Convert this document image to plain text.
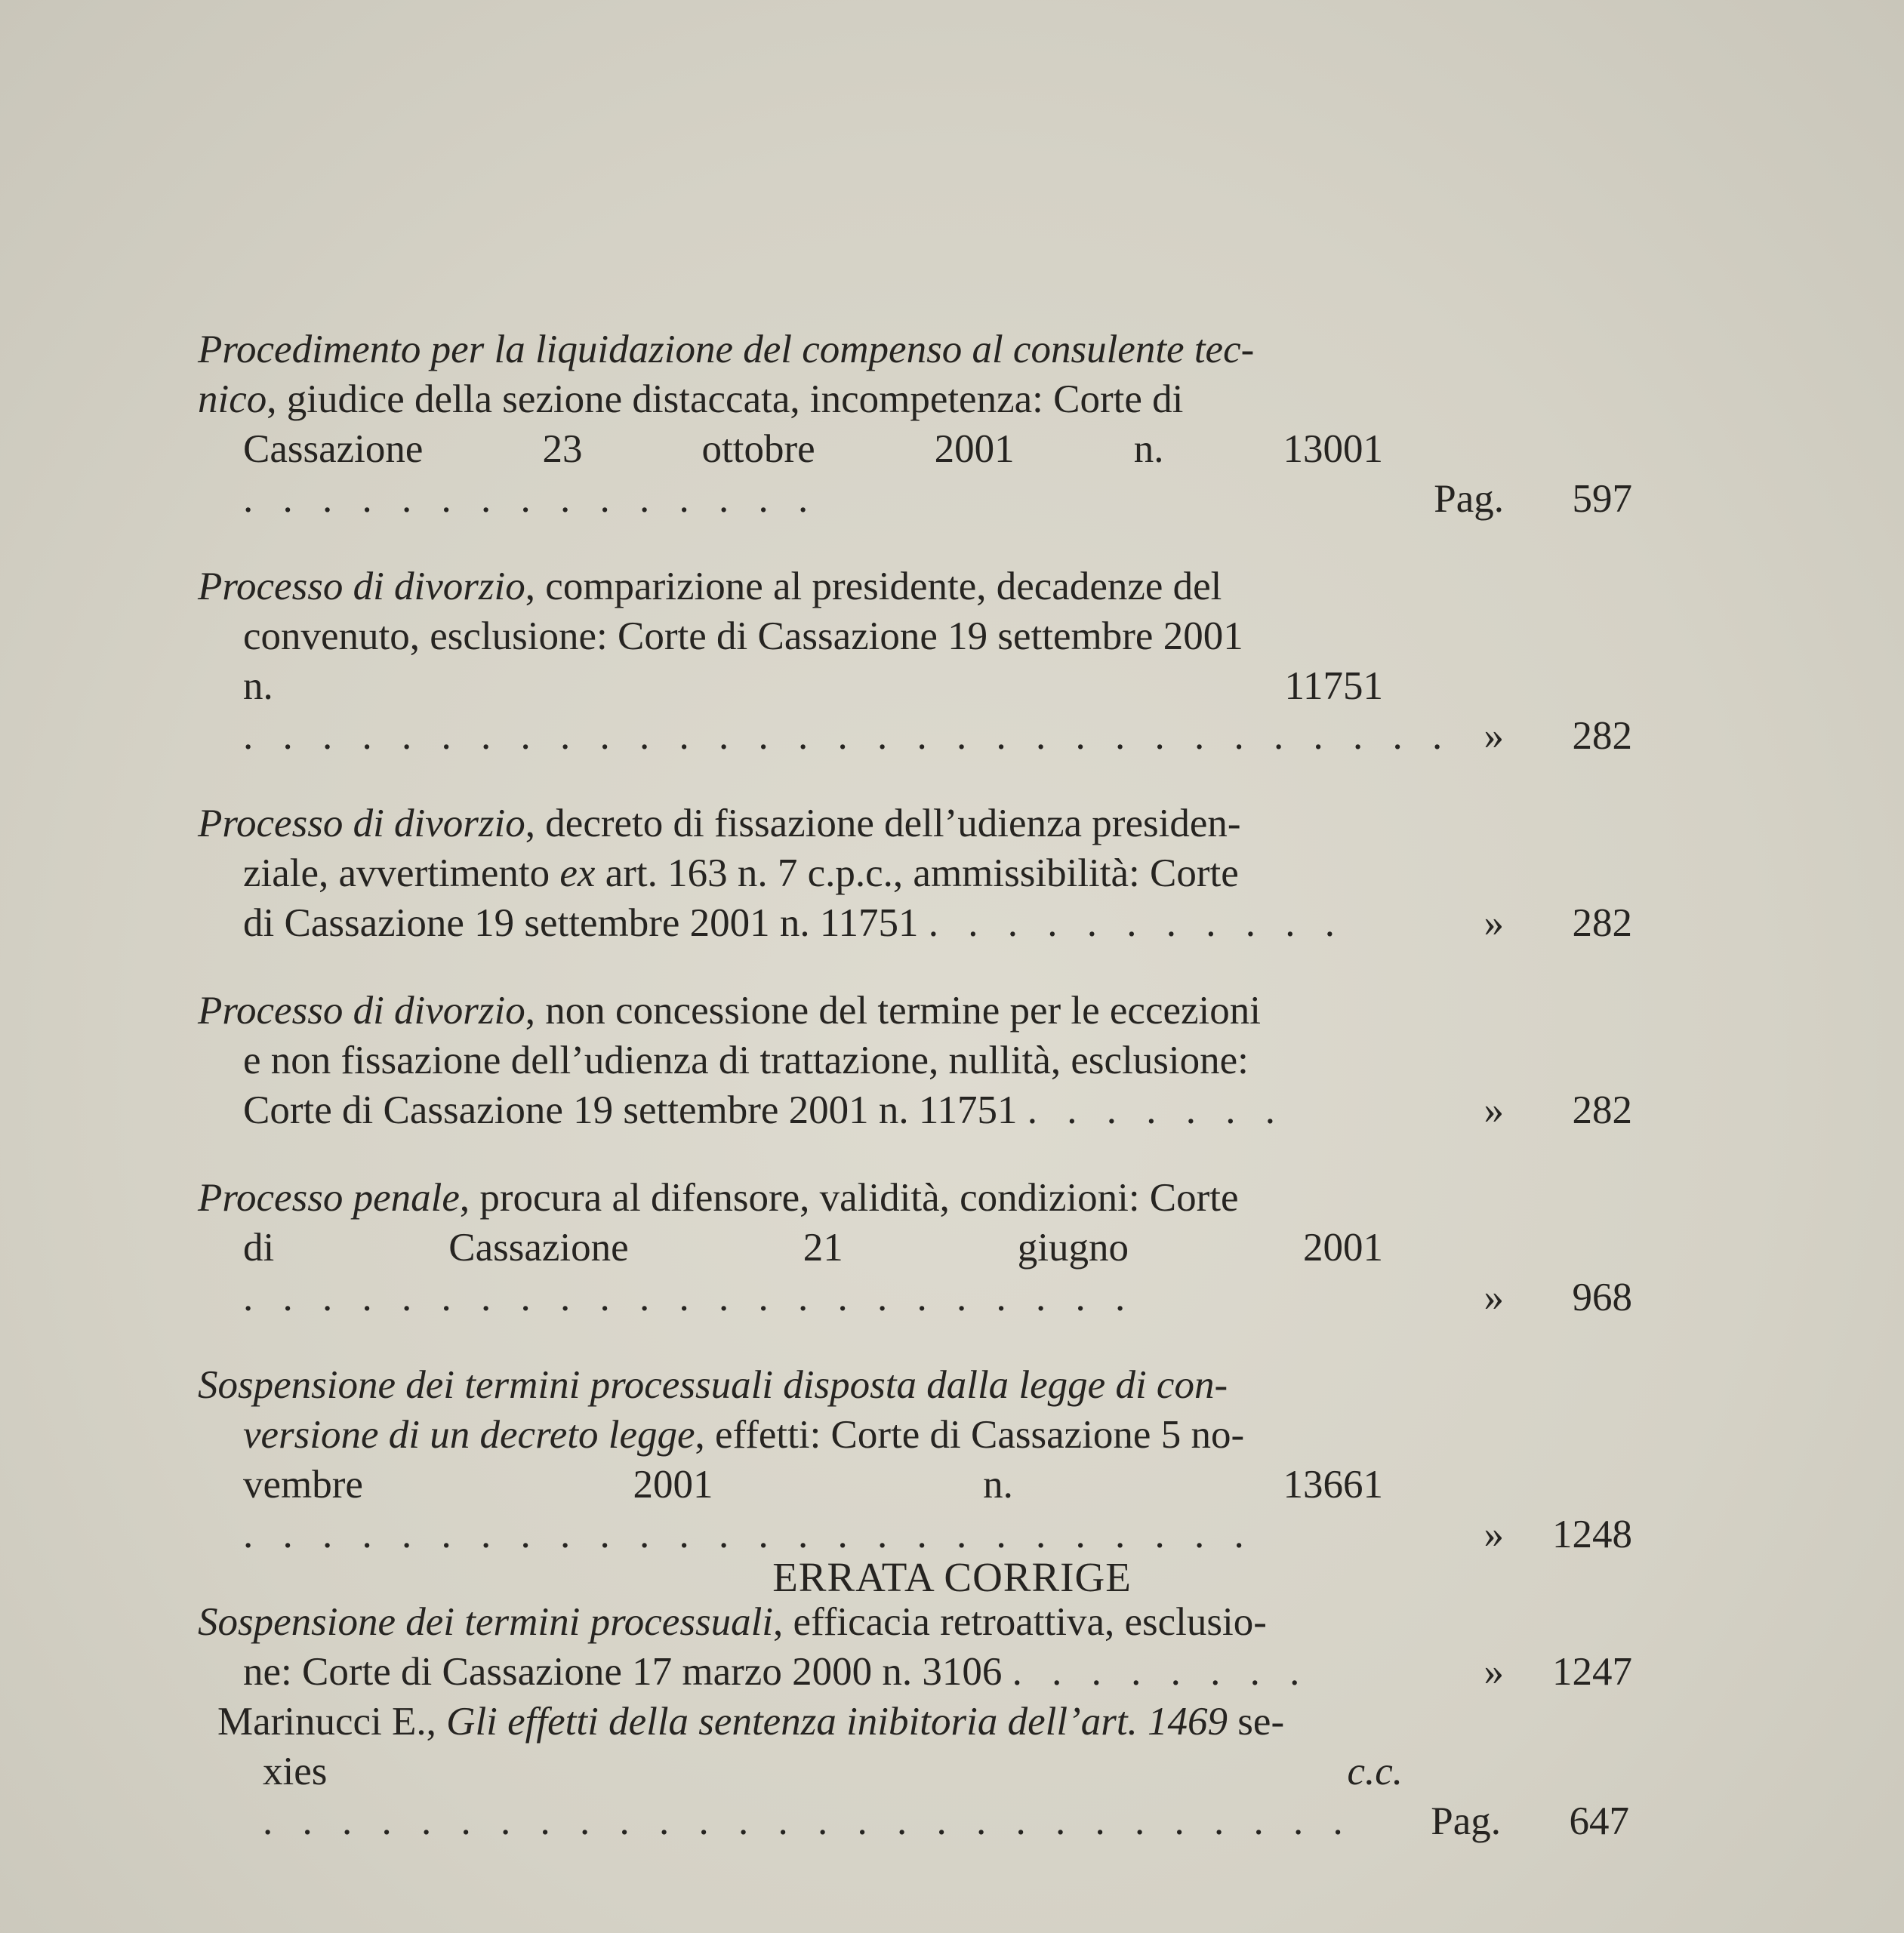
Procedimento per la liquidazione del compenso al consulente tec-
nico, giudice della sezione distaccata, incompetenza: Corte di

Cassazione 23 ottobre 2001 n. 13001 . . . . . . . . . . . . . . .	Pag. 597
Processo di divorzio, comparizione al presidente, decadenze del

convenuto, esclusione: Corte di Cassazione 19 settembre 2001
n. 11751 . . . . . . . . . . . . . . . . . . . . . . . . . . . . . . . » 282
Processo di divorzio, decreto di fissazione dell’udienza presiden-

ziale, avvertimento ex art. 163 n. 7 c.p.c., ammissibilità: Corte
di Cassazione 19 settembre 2001 n. 11751 . . . . . . . . . . .	» 282
Processo di divorzio, non concessione del termine per le eccezioni

e non fissazione dell’udienza di trattazione, nullità, esclusione:
Corte di Cassazione 19 settembre 2001 n. 11751 . . . . . . .	» 282
Processo penale, procura al difensore, validità, condizioni: Corte

di Cassazione 21 giugno 2001 . . . . . . . . . . . . . . . . . . . . . . .	» 968
Sospensione dei termini processuali disposta dalla legge di con-

versione di un decreto legge, effetti: Corte di Cassazione 5 no-
vembre 2001 n. 13661 . . . . . . . . . . . . . . . . . . . . . . . . . .	» 1248
Sospensione dei termini processuali, efficacia retroattiva, esclusio-

ne: Corte di Cassazione 17 marzo 2000 n. 3106 . . . . . . . .	» 1247
ERRATA CORRIGE
Marinucci E., Gli effetti della sentenza inibitoria dell’art. 1469 se-

xies	c.c. . . . . . . . . . . . . . . . . . . . . . . . . . . . .	Pag. 647
